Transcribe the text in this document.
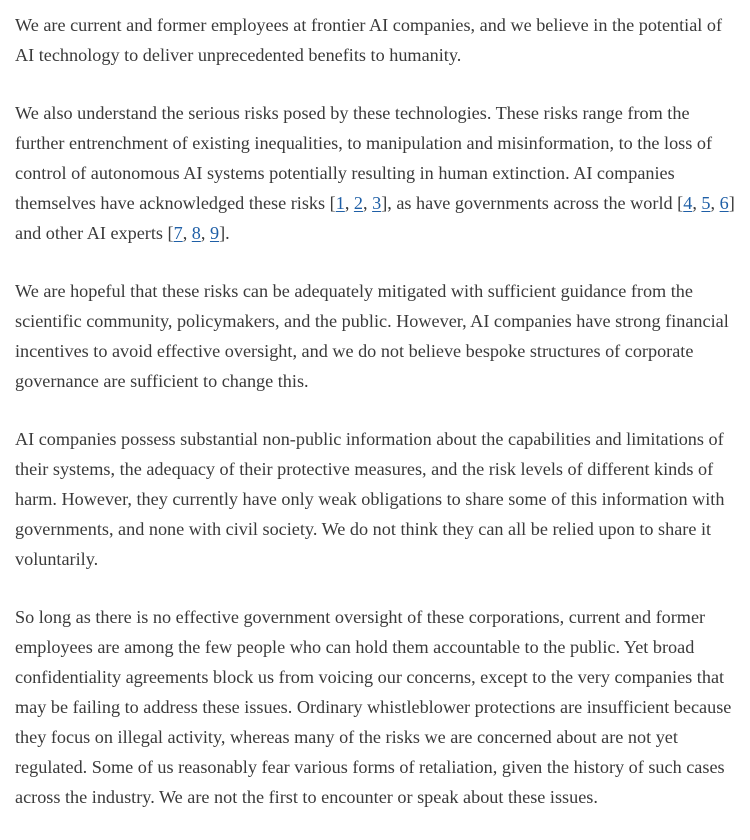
We are current and former employees at frontier AI companies, and we believe in the potential of AI technology to deliver unprecedented benefits to humanity.

We also understand the serious risks posed by these technologies. These risks range from the further entrenchment of existing inequalities, to manipulation and misinformation, to the loss of control of autonomous AI systems potentially resulting in human extinction. AI companies themselves have acknowledged these risks [1, 2, 3], as have governments across the world [4, 5, 6] and other AI experts [7, 8, 9].

We are hopeful that these risks can be adequately mitigated with sufficient guidance from the scientific community, policymakers, and the public. However, AI companies have strong financial incentives to avoid effective oversight, and we do not believe bespoke structures of corporate governance are sufficient to change this.

AI companies possess substantial non-public information about the capabilities and limitations of their systems, the adequacy of their protective measures, and the risk levels of different kinds of harm. However, they currently have only weak obligations to share some of this information with governments, and none with civil society. We do not think they can all be relied upon to share it voluntarily.

So long as there is no effective government oversight of these corporations, current and former employees are among the few people who can hold them accountable to the public. Yet broad confidentiality agreements block us from voicing our concerns, except to the very companies that may be failing to address these issues. Ordinary whistleblower protections are insufficient because they focus on illegal activity, whereas many of the risks we are concerned about are not yet regulated. Some of us reasonably fear various forms of retaliation, given the history of such cases across the industry. We are not the first to encounter or speak about these issues.
